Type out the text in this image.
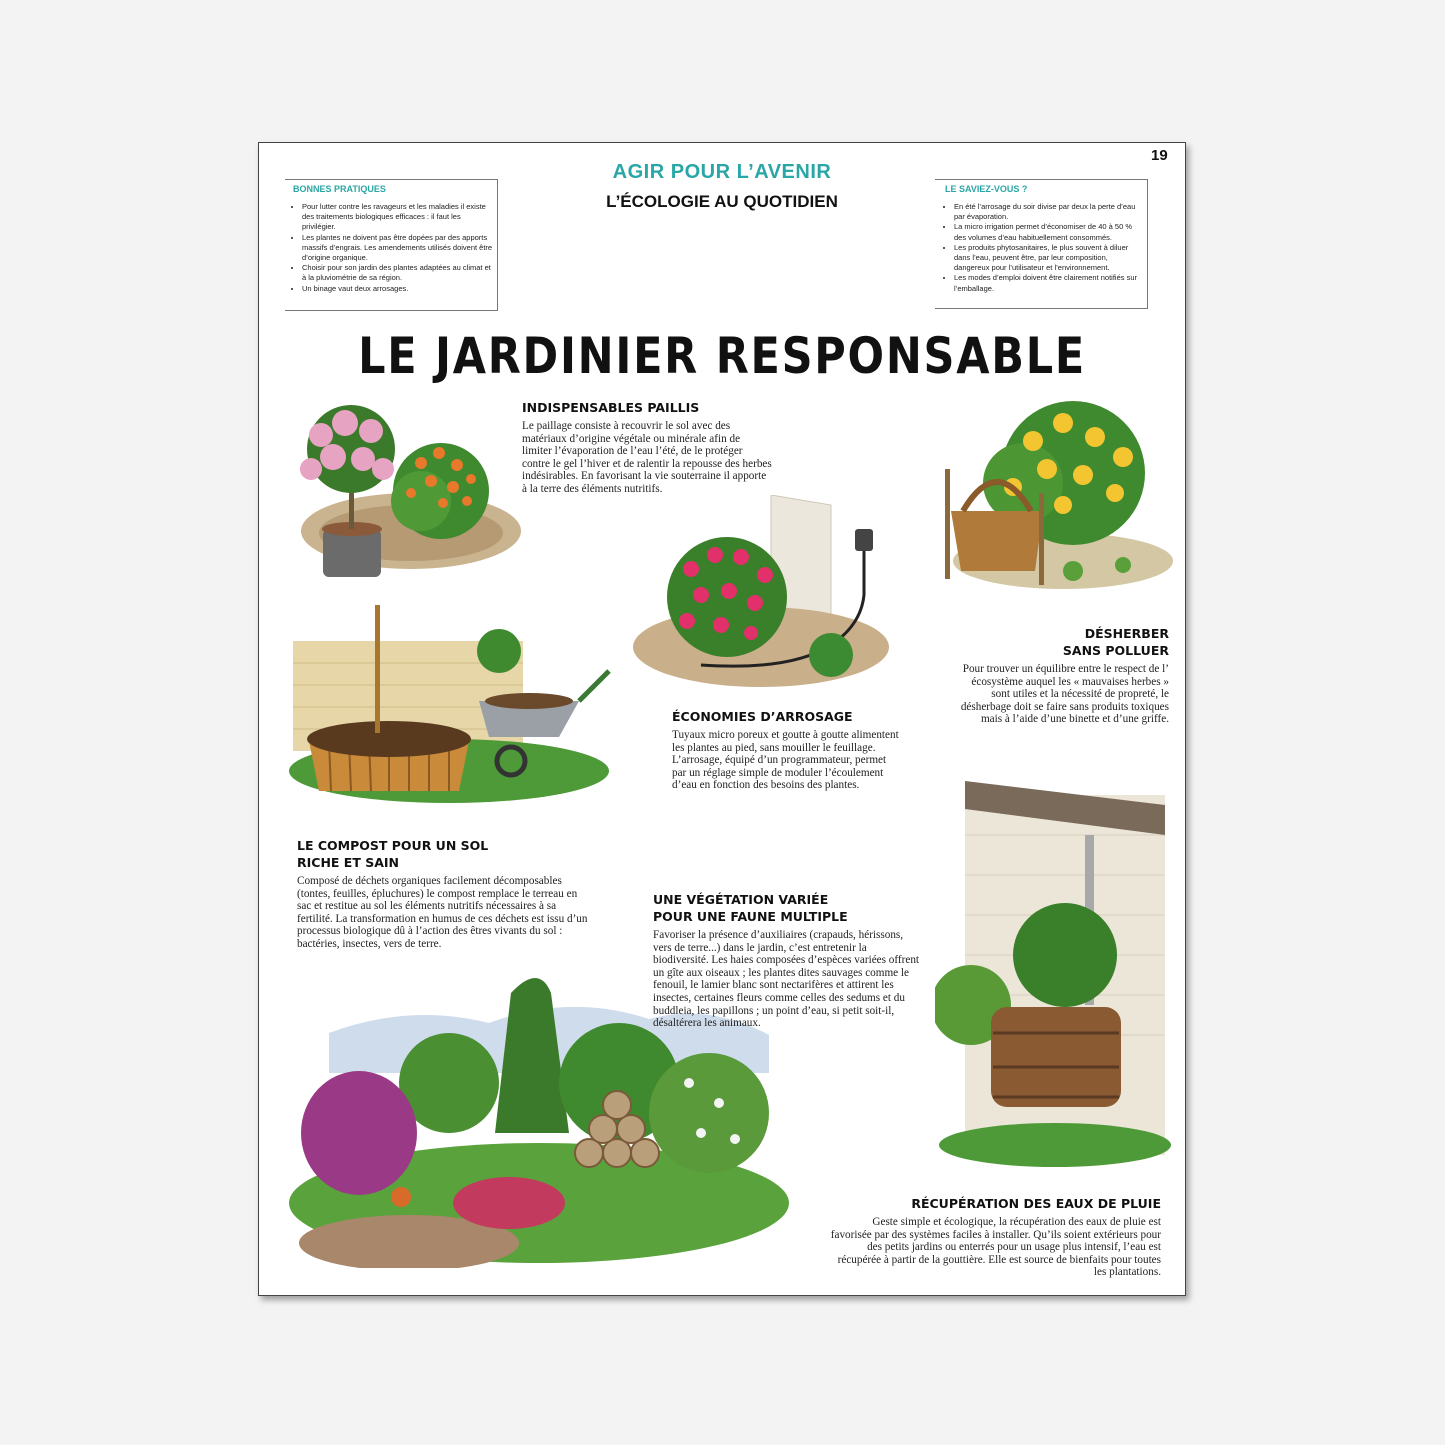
19
AGIR POUR L’AVENIR
L’ÉCOLOGIE AU QUOTIDIEN
BONNES PRATIQUES
• Pour lutter contre les ravageurs et les maladies il existe des traitements biologiques efficaces : il faut les privilégier.
• Les plantes ne doivent pas être dopées par des apports massifs d’engrais. Les amendements utilisés doivent être d’origine organique.
• Choisir pour son jardin des plantes adaptées au climat et à la pluviométrie de sa région.
• Un binage vaut deux arrosages.
LE SAVIEZ-VOUS ?
• En été l’arrosage du soir divise par deux la perte d’eau par évaporation.
• La micro irrigation permet d’économiser de 40 à 50 % des volumes d’eau habituellement consommés.
• Les produits phytosanitaires, le plus souvent à diluer dans l’eau, peuvent être, par leur composition, dangereux pour l’utilisateur et l’environnement.
• Les modes d’emploi doivent être clairement notifiés sur l’emballage.
LE JARDINIER RESPONSABLE
INDISPENSABLES PAILLIS
Le paillage consiste à recouvrir le sol avec des matériaux d’origine végétale ou minérale afin de limiter l’évaporation de l’eau l’été, de le protéger contre le gel l’hiver et de ralentir la repousse des herbes indésirables. En favorisant la vie souterraine il apporte à la terre des éléments nutritifs.
DÉSHERBER
SANS POLLUER
Pour trouver un équilibre entre le respect de l’ écosystème auquel les « mauvaises herbes » sont utiles et la nécessité de propreté, le désherbage doit se faire sans produits toxiques mais à l’aide d’une binette et d’une griffe.
ÉCONOMIES D’ARROSAGE
Tuyaux micro poreux et goutte à goutte alimentent les plantes au pied, sans mouiller le feuillage. L’arrosage, équipé d’un programmateur, permet par un réglage simple de moduler l’écoulement d’eau en fonction des besoins des plantes.
LE COMPOST POUR UN SOL
RICHE ET SAIN
Composé de déchets organiques facilement décomposables (tontes, feuilles, épluchures) le compost remplace le terreau en sac et restitue au sol les éléments nutritifs nécessaires à sa fertilité. La transformation en humus de ces déchets est issu d’un processus biologique dû à l’action des êtres vivants du sol : bactéries, insectes, vers de terre.
UNE VÉGÉTATION VARIÉE
POUR UNE FAUNE MULTIPLE
Favoriser la présence d’auxiliaires (crapauds, hérissons, vers de terre...) dans le jardin, c’est entretenir la biodiversité. Les haies composées d’espèces variées offrent un gîte aux oiseaux ; les plantes dites sauvages comme le fenouil, le lamier blanc sont nectarifères et attirent les insectes, certaines fleurs comme celles des sedums et du buddleia, les papillons ; un point d’eau, si petit soit-il, désaltérera les animaux.
RÉCUPÉRATION DES EAUX DE PLUIE
Geste simple et écologique, la récupération des eaux de pluie est favorisée par des systèmes faciles à installer. Qu’ils soient extérieurs pour des petits jardins ou enterrés pour un usage plus intensif, l’eau est récupérée à partir de la gouttière. Elle est source de bienfaits pour toutes les plantations.
